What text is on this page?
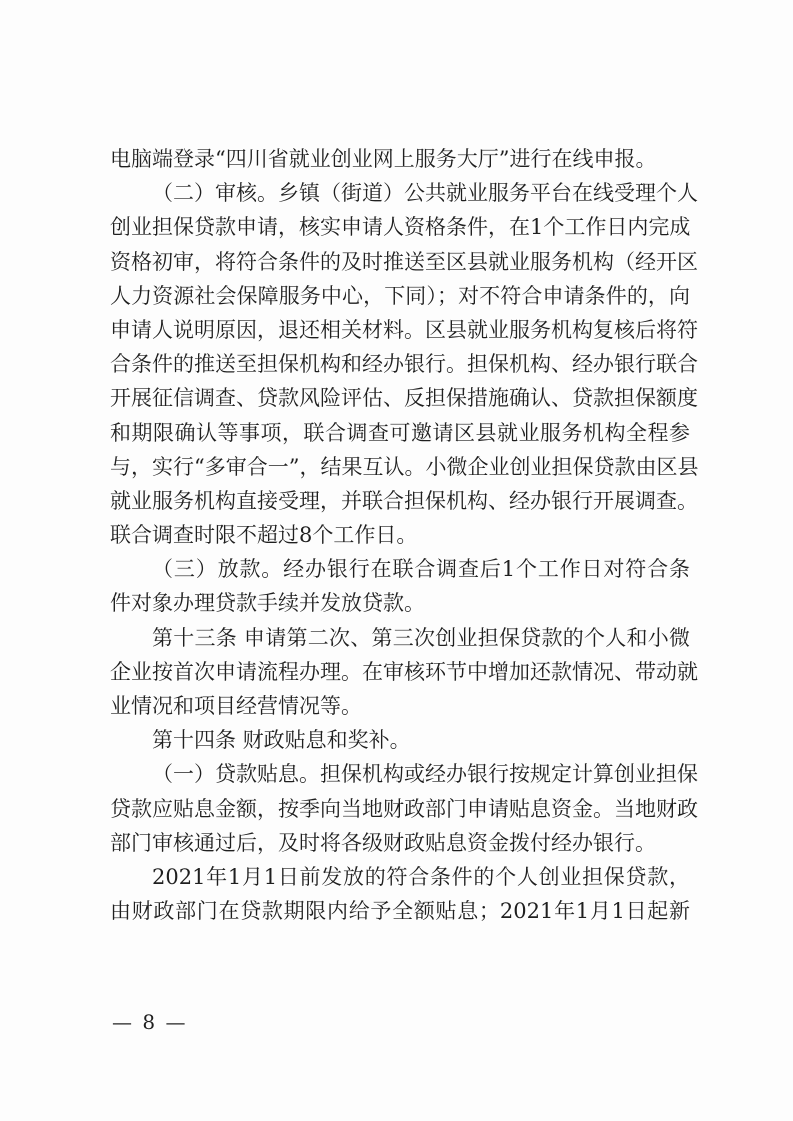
电脑端登录“四川省就业创业网上服务大厅”进行在线申报。
（二）审核。乡镇（街道）公共就业服务平台在线受理个人
创业担保贷款申请，核实申请人资格条件，在1个工作日内完成
资格初审，将符合条件的及时推送至区县就业服务机构（经开区
人力资源社会保障服务中心，下同）；对不符合申请条件的，向
申请人说明原因，退还相关材料。区县就业服务机构复核后将符
合条件的推送至担保机构和经办银行。担保机构、经办银行联合
开展征信调查、贷款风险评估、反担保措施确认、贷款担保额度
和期限确认等事项，联合调查可邀请区县就业服务机构全程参
与，实行“多审合一”，结果互认。小微企业创业担保贷款由区县
就业服务机构直接受理，并联合担保机构、经办银行开展调查。
联合调查时限不超过8个工作日。
（三）放款。经办银行在联合调查后1个工作日对符合条
件对象办理贷款手续并发放贷款。
第十三条 申请第二次、第三次创业担保贷款的个人和小微
企业按首次申请流程办理。在审核环节中增加还款情况、带动就
业情况和项目经营情况等。
第十四条 财政贴息和奖补。
（一）贷款贴息。担保机构或经办银行按规定计算创业担保
贷款应贴息金额，按季向当地财政部门申请贴息资金。当地财政
部门审核通过后，及时将各级财政贴息资金拨付经办银行。
2021年1月1日前发放的符合条件的个人创业担保贷款，
由财政部门在贷款期限内给予全额贴息；2021年1月1日起新
— 8 —
